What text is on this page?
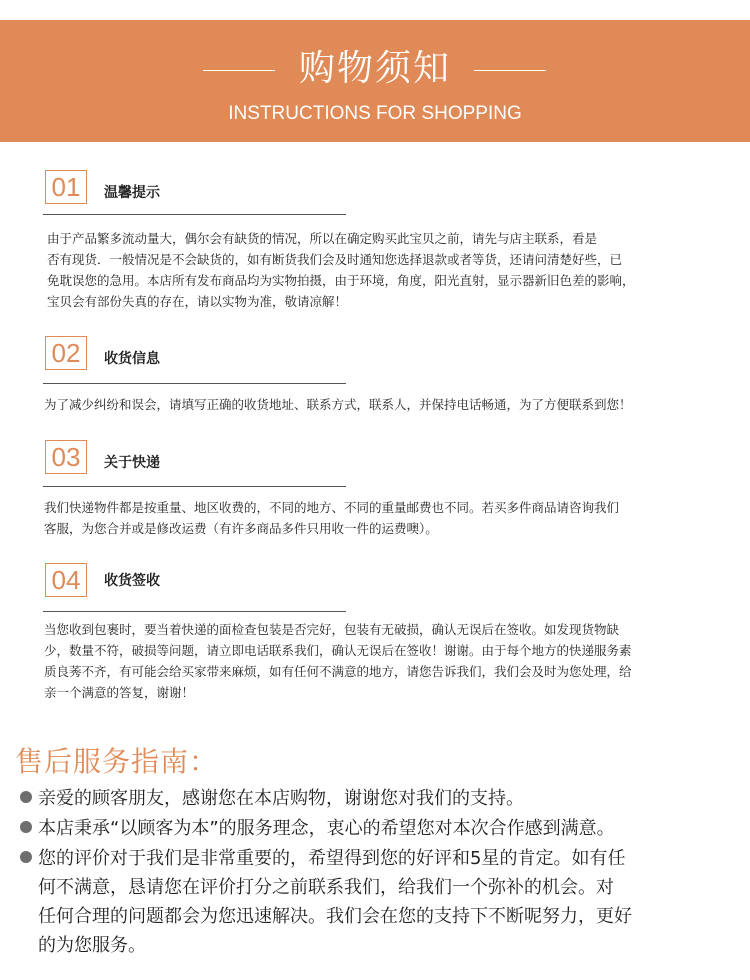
购物须知
INSTRUCTIONS FOR SHOPPING
01	温馨提示
由于产品繁多流动量大，偶尔会有缺货的情况，所以在确定购买此宝贝之前，请先与店主联系，看是
否有现货．一般情况是不会缺货的，如有断货我们会及时通知您选择退款或者等货，还请问清楚好些，已
免耽误您的急用。本店所有发布商品均为实物拍摄，由于环境，角度，阳光直射，显示器新旧色差的影响，
宝贝会有部份失真的存在，请以实物为准，敬请凉解！
02	收货信息
为了减少纠纷和误会，请填写正确的收货地址、联系方式，联系人，并保持电话畅通，为了方便联系到您！
03	关于快递
我们快递物件都是按重量、地区收费的，不同的地方、不同的重量邮费也不同。若买多件商品请咨询我们
客服，为您合并或是修改运费（有许多商品多件只用收一件的运费噢）。
04	收货签收
当您收到包裹时，要当着快递的面检查包装是否完好，包装有无破损，确认无误后在签收。如发现货物缺
少，数量不符，破损等问题，请立即电话联系我们，确认无误后在签收！谢谢。由于每个地方的快递服务素
质良莠不齐，有可能会给买家带来麻烦，如有任何不满意的地方，请您告诉我们，我们会及时为您处理，给
亲一个满意的答复，谢谢！
售后服务指南：
亲爱的顾客朋友，感谢您在本店购物，谢谢您对我们的支持。
本店秉承“以顾客为本”的服务理念，衷心的希望您对本次合作感到满意。
您的评价对于我们是非常重要的，希望得到您的好评和5星的肯定。如有任
何不满意，恳请您在评价打分之前联系我们，给我们一个弥补的机会。对
任何合理的问题都会为您迅速解决。我们会在您的支持下不断呢努力，更好
的为您服务。
